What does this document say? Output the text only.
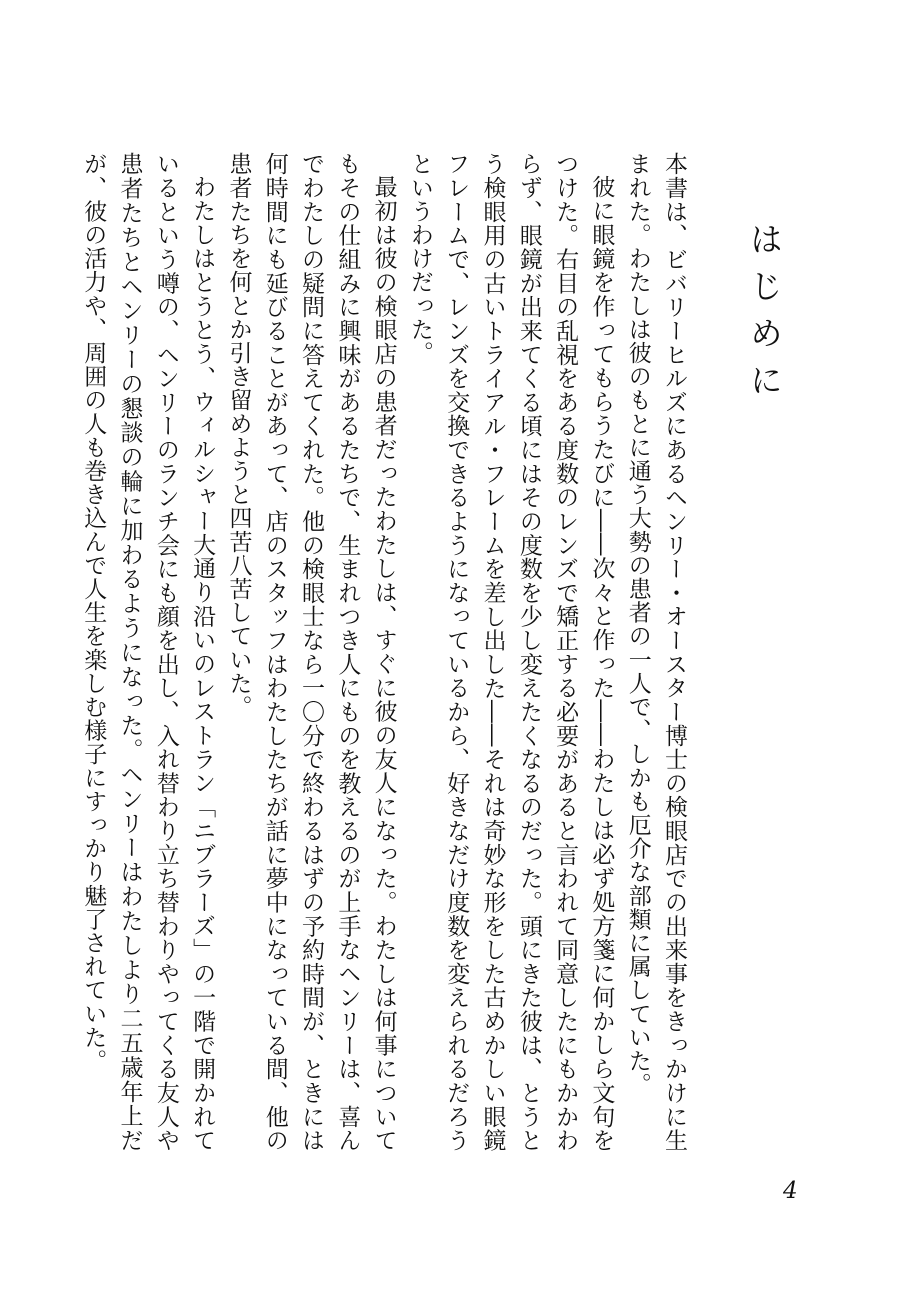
はじめに

本書は、ビバリーヒルズにあるヘンリー・オースター博士の検眼店での出来事をきっかけに生まれた。わたしは彼のもとに通う大勢の患者の一人で、しかも厄介な部類に属していた。

彼に眼鏡を作ってもらうたびに――次々と作った――わたしは必ず処方箋に何かしら文句をつけた。右目の乱視をある度数のレンズで矯正する必要があると言われて同意したにもかかわらず、眼鏡が出来てくる頃にはその度数を少し変えたくなるのだった。頭にきた彼は、とうとう検眼用の古いトライアル・フレームを差し出した――それは奇妙な形をした古めかしい眼鏡フレームで、レンズを交換できるようになっているから、好きなだけ度数を変えられるだろうというわけだった。

最初は彼の検眼店の患者だったわたしは、すぐに彼の友人になった。わたしは何事についてもその仕組みに興味があるたちで、生まれつき人にものを教えるのが上手なヘンリーは、喜んでわたしの疑問に答えてくれた。他の検眼士なら一〇分で終わるはずの予約時間が、ときには何時間にも延びることがあって、店のスタッフはわたしたちが話に夢中になっている間、他の患者たちを何とか引き留めようと四苦八苦していた。

わたしはとうとう、ウィルシャー大通り沿いのレストラン「ニブラーズ」の一階で開かれているという噂の、ヘンリーのランチ会にも顔を出し、入れ替わり立ち替わりやってくる友人や患者たちとヘンリーの懇談の輪に加わるようになった。ヘンリーはわたしより二五歳年上だが、彼の活力や、周囲の人も巻き込んで人生を楽しむ様子にすっかり魅了されていた。

4
